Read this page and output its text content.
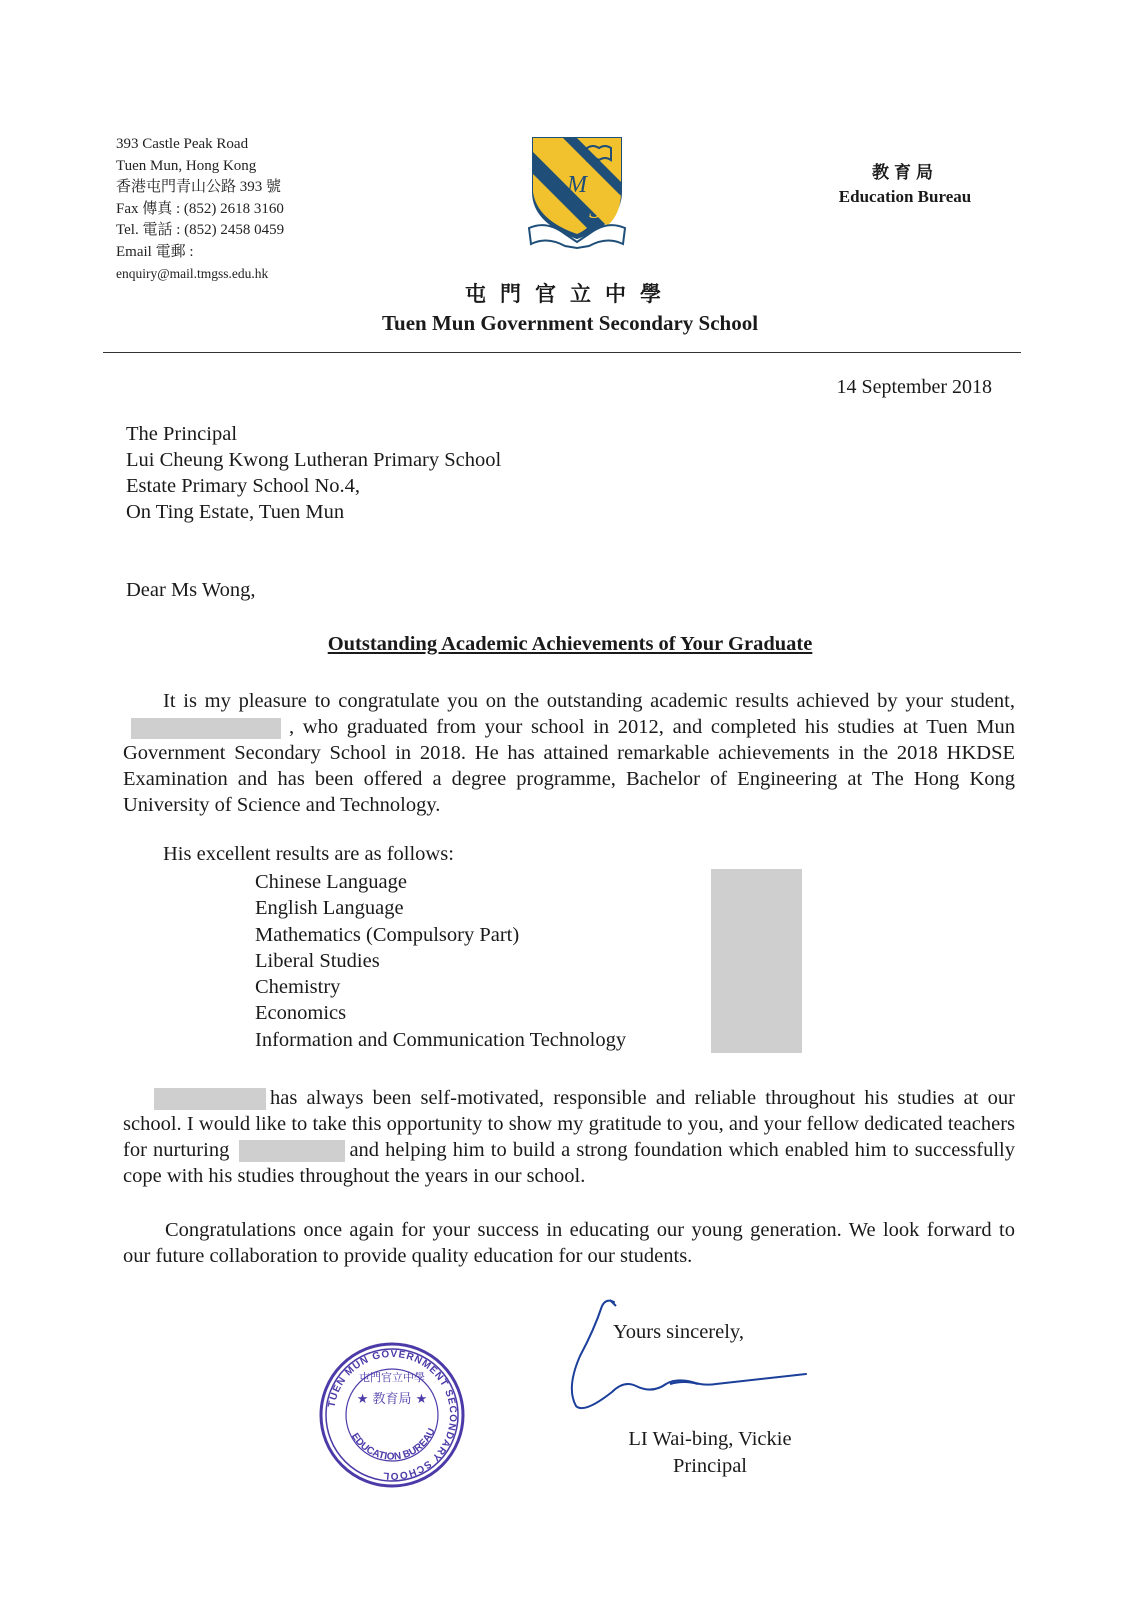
393 Castle Peak Road
Tuen Mun, Hong Kong
香港屯門青山公路 393 號
Fax 傳真 : (852) 2618 3160
Tel. 電話 : (852) 2458 0459
Email 電郵 :
enquiry@mail.tmgss.edu.hk
T
M
S
教育局
Education Bureau
屯門官立中學
Tuen Mun Government Secondary School
14 September 2018
The Principal
Lui Cheung Kwong Lutheran Primary School
Estate Primary School No.4,
On Ting Estate, Tuen Mun
Dear Ms Wong,
Outstanding Academic Achievements of Your Graduate
It is my pleasure to congratulate you on the outstanding academic results achieved by your student, , who graduated from your school in 2012, and completed his studies at Tuen Mun Government Secondary School in 2018. He has attained remarkable achievements in the 2018 HKDSE Examination and has been offered a degree programme, Bachelor of Engineering at The Hong Kong University of Science and Technology.
His excellent results are as follows:
Chinese Language
English Language
Mathematics (Compulsory Part)
Liberal Studies
Chemistry
Economics
Information and Communication Technology
has always been self-motivated, responsible and reliable throughout his studies at our school. I would like to take this opportunity to show my gratitude to you, and your fellow dedicated teachers for nurturing	and helping him to build a strong foundation which enabled him to successfully cope with his studies throughout the years in our school.
Congratulations once again for your success in educating our young generation. We look forward to our future collaboration to provide quality education for our students.
Yours sincerely,
LI Wai-bing, Vickie
Principal
TUEN MUN GOVERNMENT SECONDARY SCHOOL
屯門官立中學
★ 教育局 ★
EDUCATION BUREAU
